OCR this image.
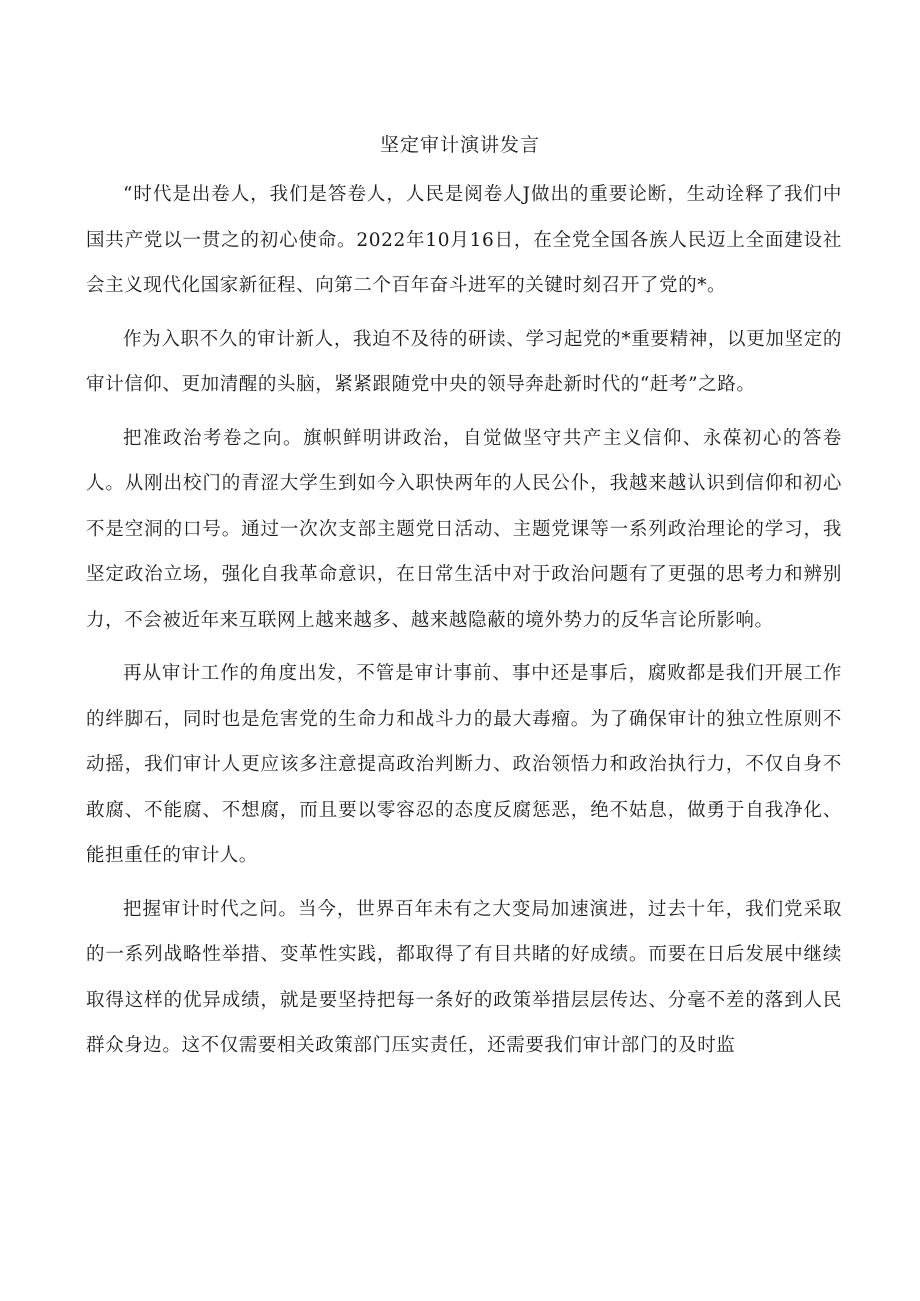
坚定审计演讲发言

“时代是出卷人，我们是答卷人，人民是阅卷人J做出的重要论断，生动诠释了我们中国共产党以一贯之的初心使命。2022年10月16日，在全党全国各族人民迈上全面建设社会主义现代化国家新征程、向第二个百年奋斗进军的关键时刻召开了党的*。

作为入职不久的审计新人，我迫不及待的研读、学习起党的*重要精神，以更加坚定的审计信仰、更加清醒的头脑，紧紧跟随党中央的领导奔赴新时代的“赶考”之路。

把准政治考卷之向。旗帜鲜明讲政治，自觉做坚守共产主义信仰、永葆初心的答卷人。从刚出校门的青涩大学生到如今入职快两年的人民公仆，我越来越认识到信仰和初心不是空洞的口号。通过一次次支部主题党日活动、主题党课等一系列政治理论的学习，我坚定政治立场，强化自我革命意识，在日常生活中对于政治问题有了更强的思考力和辨别力，不会被近年来互联网上越来越多、越来越隐蔽的境外势力的反华言论所影响。

再从审计工作的角度出发，不管是审计事前、事中还是事后，腐败都是我们开展工作的绊脚石，同时也是危害党的生命力和战斗力的最大毒瘤。为了确保审计的独立性原则不动摇，我们审计人更应该多注意提高政治判断力、政治领悟力和政治执行力，不仅自身不敢腐、不能腐、不想腐，而且要以零容忍的态度反腐惩恶，绝不姑息，做勇于自我净化、能担重任的审计人。

把握审计时代之问。当今，世界百年未有之大变局加速演进，过去十年，我们党采取的一系列战略性举措、变革性实践，都取得了有目共睹的好成绩。而要在日后发展中继续取得这样的优异成绩，就是要坚持把每一条好的政策举措层层传达、分毫不差的落到人民群众身边。这不仅需要相关政策部门压实责任，还需要我们审计部门的及时监
